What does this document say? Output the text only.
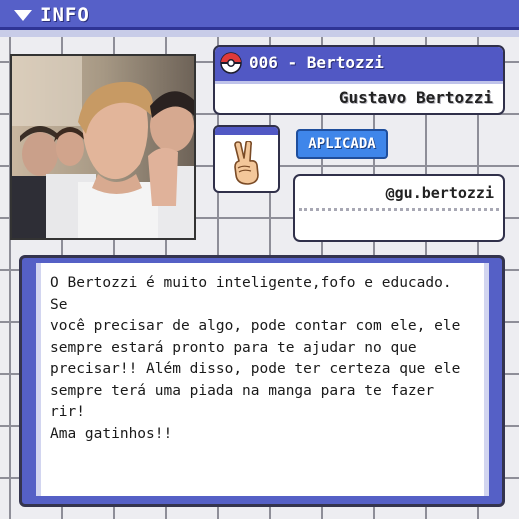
INFO
006 - Bertozzi
Gustavo Bertozzi
APLICADA
@gu.bertozzi
O Bertozzi é muito inteligente,fofo e educado. Se
você precisar de algo, pode contar com ele, ele
sempre estará pronto para te ajudar no que
precisar!! Além disso, pode ter certeza que ele
sempre terá uma piada na manga para te fazer rir!
Ama gatinhos!!
